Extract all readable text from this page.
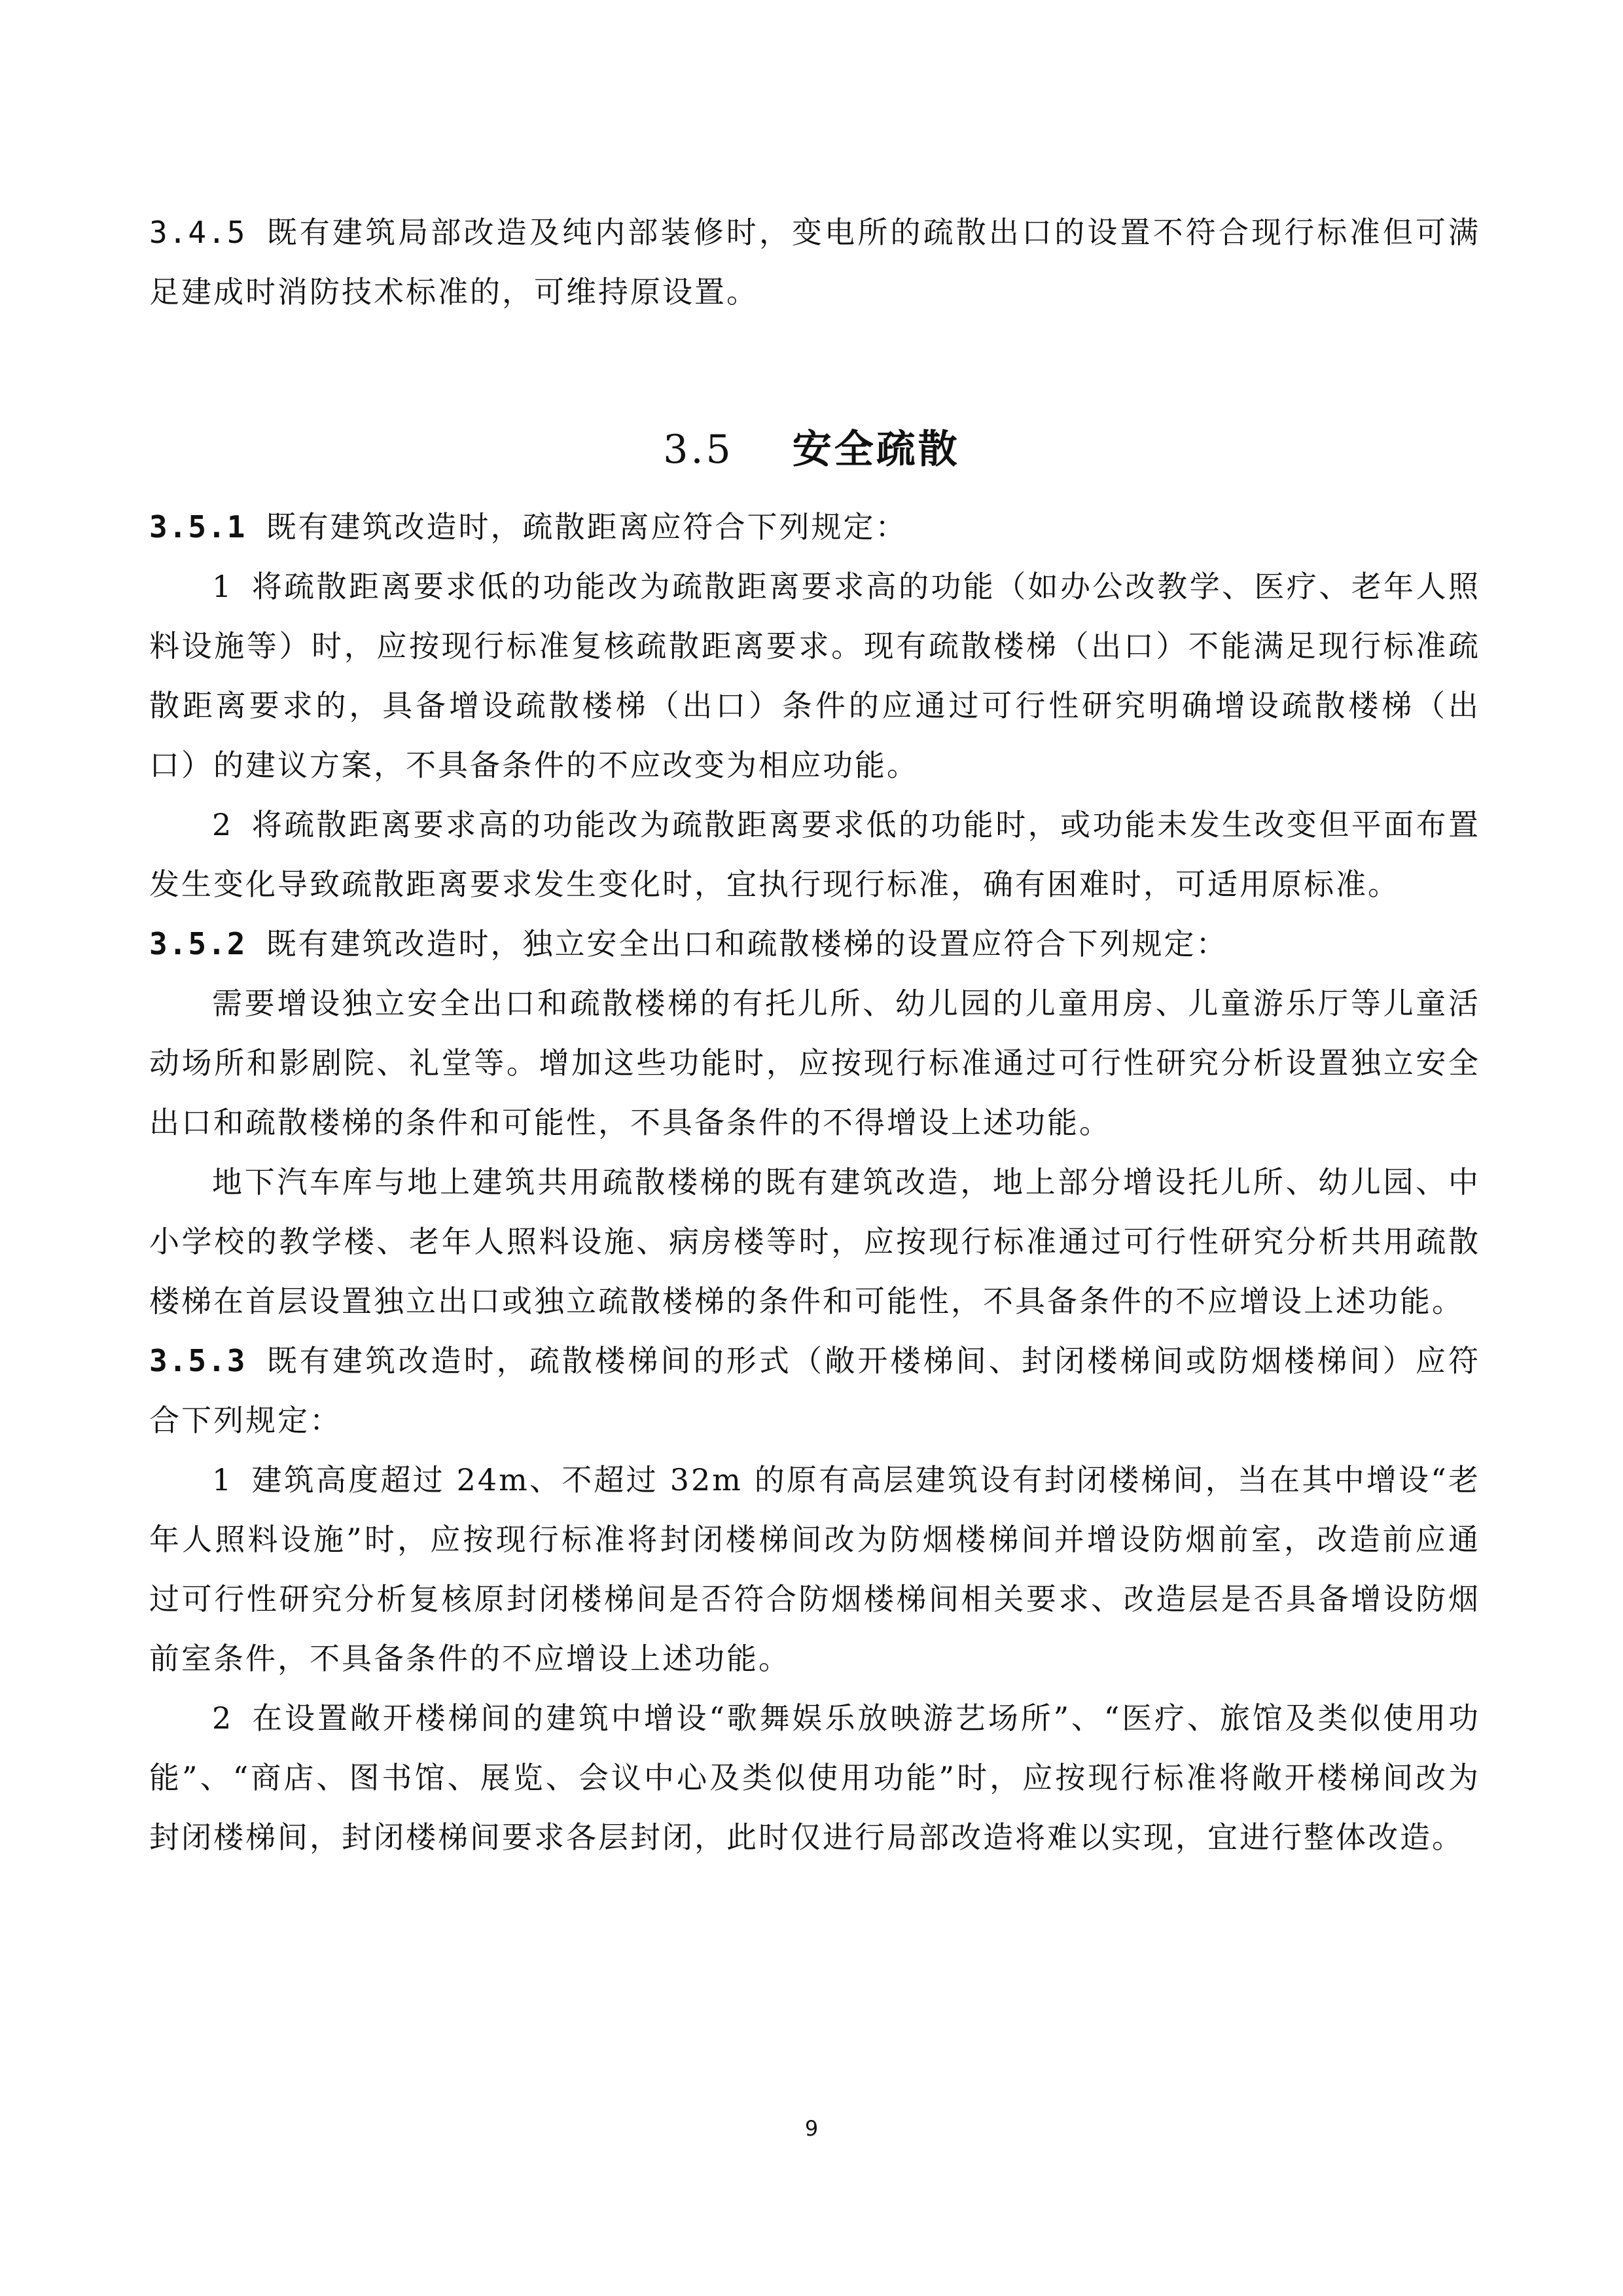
3.4.5 既有建筑局部改造及纯内部装修时，变电所的疏散出口的设置不符合现行标准但可满足建成时消防技术标准的，可维持原设置。

3.5 安全疏散

3.5.1 既有建筑改造时，疏散距离应符合下列规定：

1 将疏散距离要求低的功能改为疏散距离要求高的功能（如办公改教学、医疗、老年人照料设施等）时，应按现行标准复核疏散距离要求。现有疏散楼梯（出口）不能满足现行标准疏散距离要求的，具备增设疏散楼梯（出口）条件的应通过可行性研究明确增设疏散楼梯（出口）的建议方案，不具备条件的不应改变为相应功能。

2 将疏散距离要求高的功能改为疏散距离要求低的功能时，或功能未发生改变但平面布置发生变化导致疏散距离要求发生变化时，宜执行现行标准，确有困难时，可适用原标准。

3.5.2 既有建筑改造时，独立安全出口和疏散楼梯的设置应符合下列规定：

需要增设独立安全出口和疏散楼梯的有托儿所、幼儿园的儿童用房、儿童游乐厅等儿童活动场所和影剧院、礼堂等。增加这些功能时，应按现行标准通过可行性研究分析设置独立安全出口和疏散楼梯的条件和可能性，不具备条件的不得增设上述功能。

地下汽车库与地上建筑共用疏散楼梯的既有建筑改造，地上部分增设托儿所、幼儿园、中小学校的教学楼、老年人照料设施、病房楼等时，应按现行标准通过可行性研究分析共用疏散楼梯在首层设置独立出口或独立疏散楼梯的条件和可能性，不具备条件的不应增设上述功能。

3.5.3 既有建筑改造时，疏散楼梯间的形式（敞开楼梯间、封闭楼梯间或防烟楼梯间）应符合下列规定：

1 建筑高度超过 24m、不超过 32m 的原有高层建筑设有封闭楼梯间，当在其中增设“老年人照料设施”时，应按现行标准将封闭楼梯间改为防烟楼梯间并增设防烟前室，改造前应通过可行性研究分析复核原封闭楼梯间是否符合防烟楼梯间相关要求、改造层是否具备增设防烟前室条件，不具备条件的不应增设上述功能。

2 在设置敞开楼梯间的建筑中增设“歌舞娱乐放映游艺场所”、“医疗、旅馆及类似使用功能”、“商店、图书馆、展览、会议中心及类似使用功能”时，应按现行标准将敞开楼梯间改为封闭楼梯间，封闭楼梯间要求各层封闭，此时仅进行局部改造将难以实现，宜进行整体改造。

9
